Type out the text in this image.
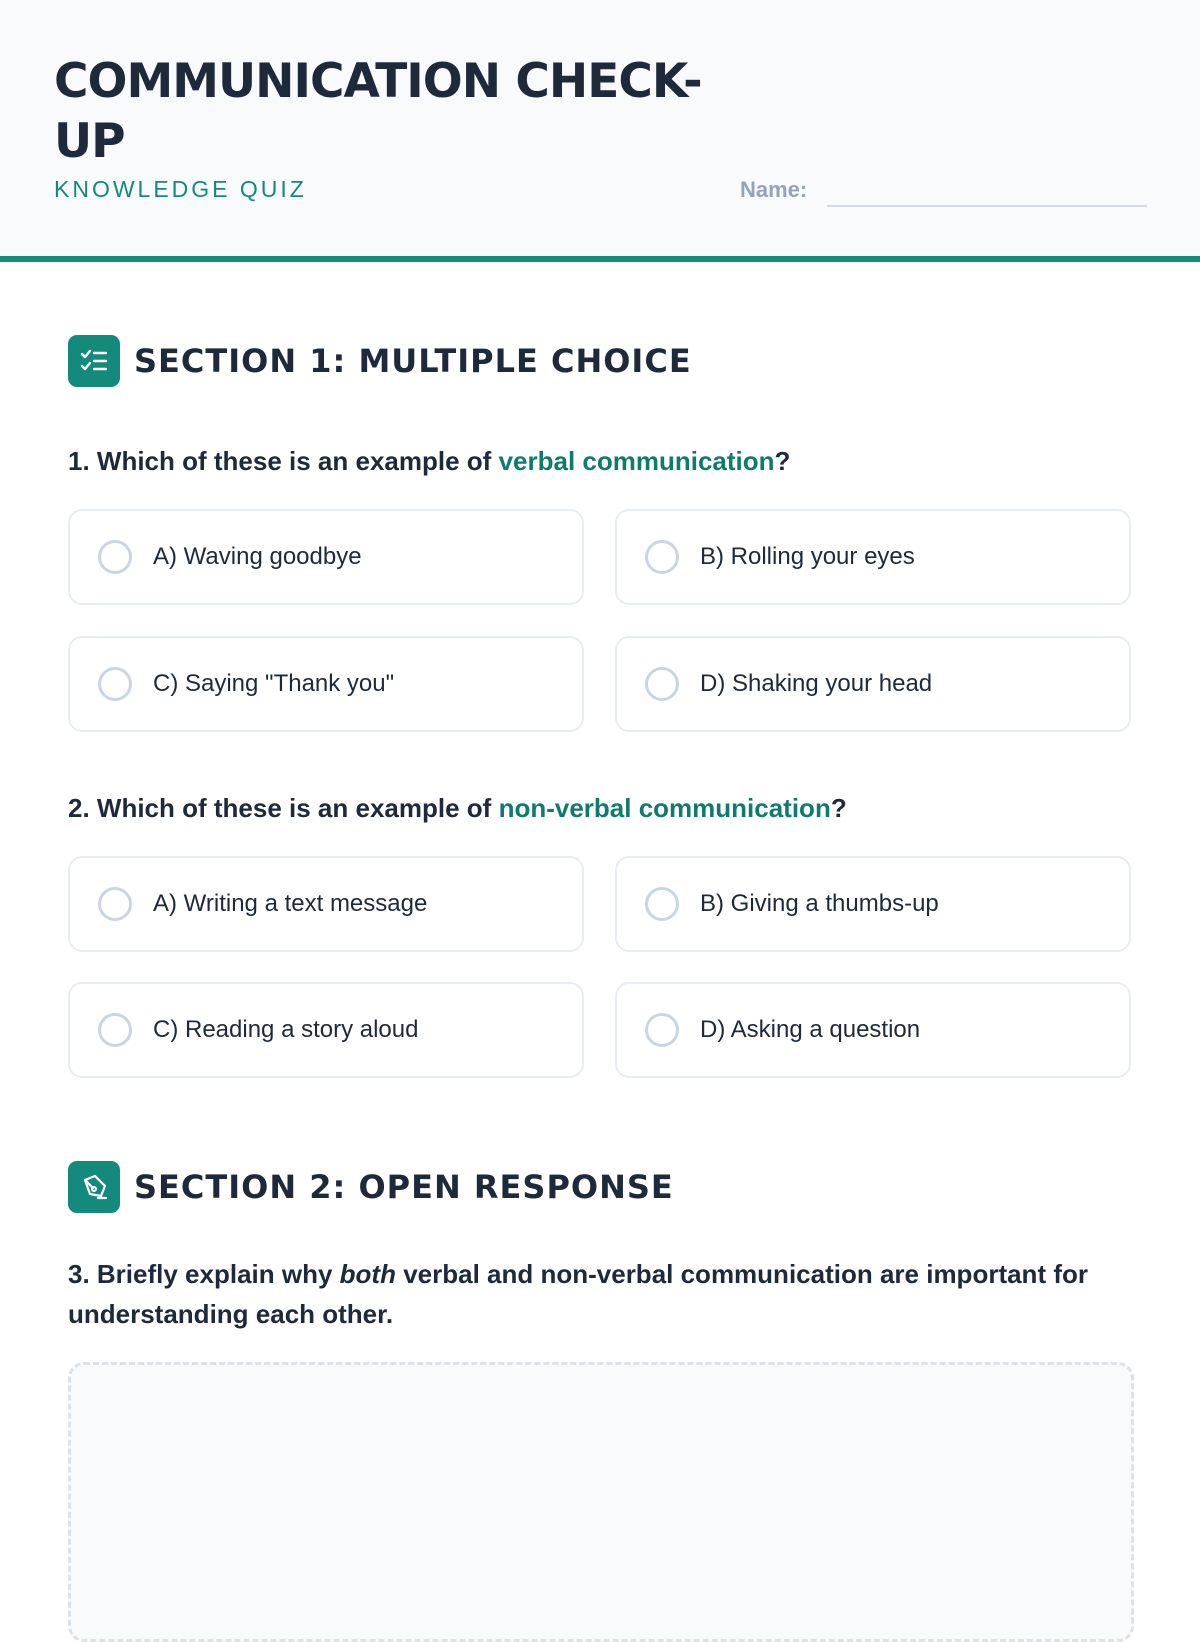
COMMUNICATION CHECK-UP
KNOWLEDGE QUIZ	Name:
SECTION 1: MULTIPLE CHOICE
1. Which of these is an example of verbal communication?
A) Waving goodbye	B) Rolling your eyes
C) Saying "Thank you"	D) Shaking your head
2. Which of these is an example of non-verbal communication?
A) Writing a text message	B) Giving a thumbs-up
C) Reading a story aloud	D) Asking a question
SECTION 2: OPEN RESPONSE
3. Briefly explain why both verbal and non-verbal communication are important for understanding each other.
